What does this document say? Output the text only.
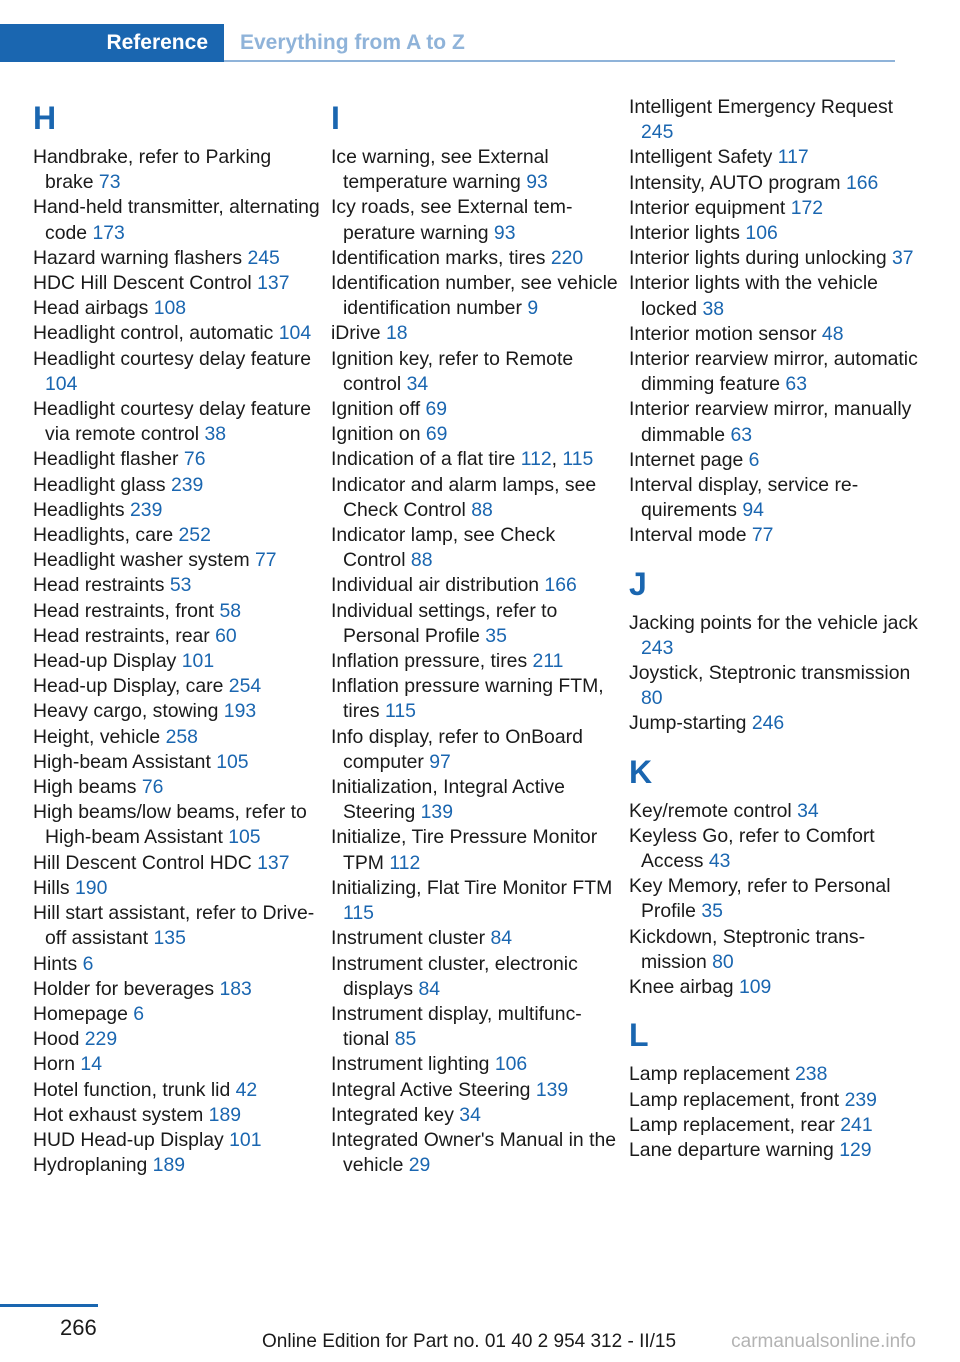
Reference	Everything from A to Z
H
Handbrake, refer to Parking brake 73
Hand-held transmitter, alternating code 173
Hazard warning flashers 245
HDC Hill Descent Control 137
Head airbags 108
Headlight control, automatic 104
Headlight courtesy delay feature 104
Headlight courtesy delay feature via remote control 38
Headlight flasher 76
Headlight glass 239
Headlights 239
Headlights, care 252
Headlight washer system 77
Head restraints 53
Head restraints, front 58
Head restraints, rear 60
Head-up Display 101
Head-up Display, care 254
Heavy cargo, stowing 193
Height, vehicle 258
High-beam Assistant 105
High beams 76
High beams/low beams, refer to High-beam Assistant 105
Hill Descent Control HDC 137
Hills 190
Hill start assistant, refer to Drive-off assistant 135
Hints 6
Holder for beverages 183
Homepage 6
Hood 229
Horn 14
Hotel function, trunk lid 42
Hot exhaust system 189
HUD Head-up Display 101
Hydroplaning 189
I
Ice warning, see External temperature warning 93
Icy roads, see External temperature warning 93
Identification marks, tires 220
Identification number, see vehicle identification number 9
iDrive 18
Ignition key, refer to Remote control 34
Ignition off 69
Ignition on 69
Indication of a flat tire 112, 115
Indicator and alarm lamps, see Check Control 88
Indicator lamp, see Check Control 88
Individual air distribution 166
Individual settings, refer to Personal Profile 35
Inflation pressure, tires 211
Inflation pressure warning FTM, tires 115
Info display, refer to OnBoard computer 97
Initialization, Integral Active Steering 139
Initialize, Tire Pressure Monitor TPM 112
Initializing, Flat Tire Monitor FTM 115
Instrument cluster 84
Instrument cluster, electronic displays 84
Instrument display, multifunctional 85
Instrument lighting 106
Integral Active Steering 139
Integrated key 34
Integrated Owner's Manual in the vehicle 29
Intelligent Emergency Request 245
Intelligent Safety 117
Intensity, AUTO program 166
Interior equipment 172
Interior lights 106
Interior lights during unlocking 37
Interior lights with the vehicle locked 38
Interior motion sensor 48
Interior rearview mirror, automatic dimming feature 63
Interior rearview mirror, manually dimmable 63
Internet page 6
Interval display, service requirements 94
Interval mode 77
J
Jacking points for the vehicle jack 243
Joystick, Steptronic transmission 80
Jump-starting 246
K
Key/remote control 34
Keyless Go, refer to Comfort Access 43
Key Memory, refer to Personal Profile 35
Kickdown, Steptronic transmission 80
Knee airbag 109
L
Lamp replacement 238
Lamp replacement, front 239
Lamp replacement, rear 241
Lane departure warning 129
266
Online Edition for Part no. 01 40 2 954 312 - II/15	carmanualsonline.info
